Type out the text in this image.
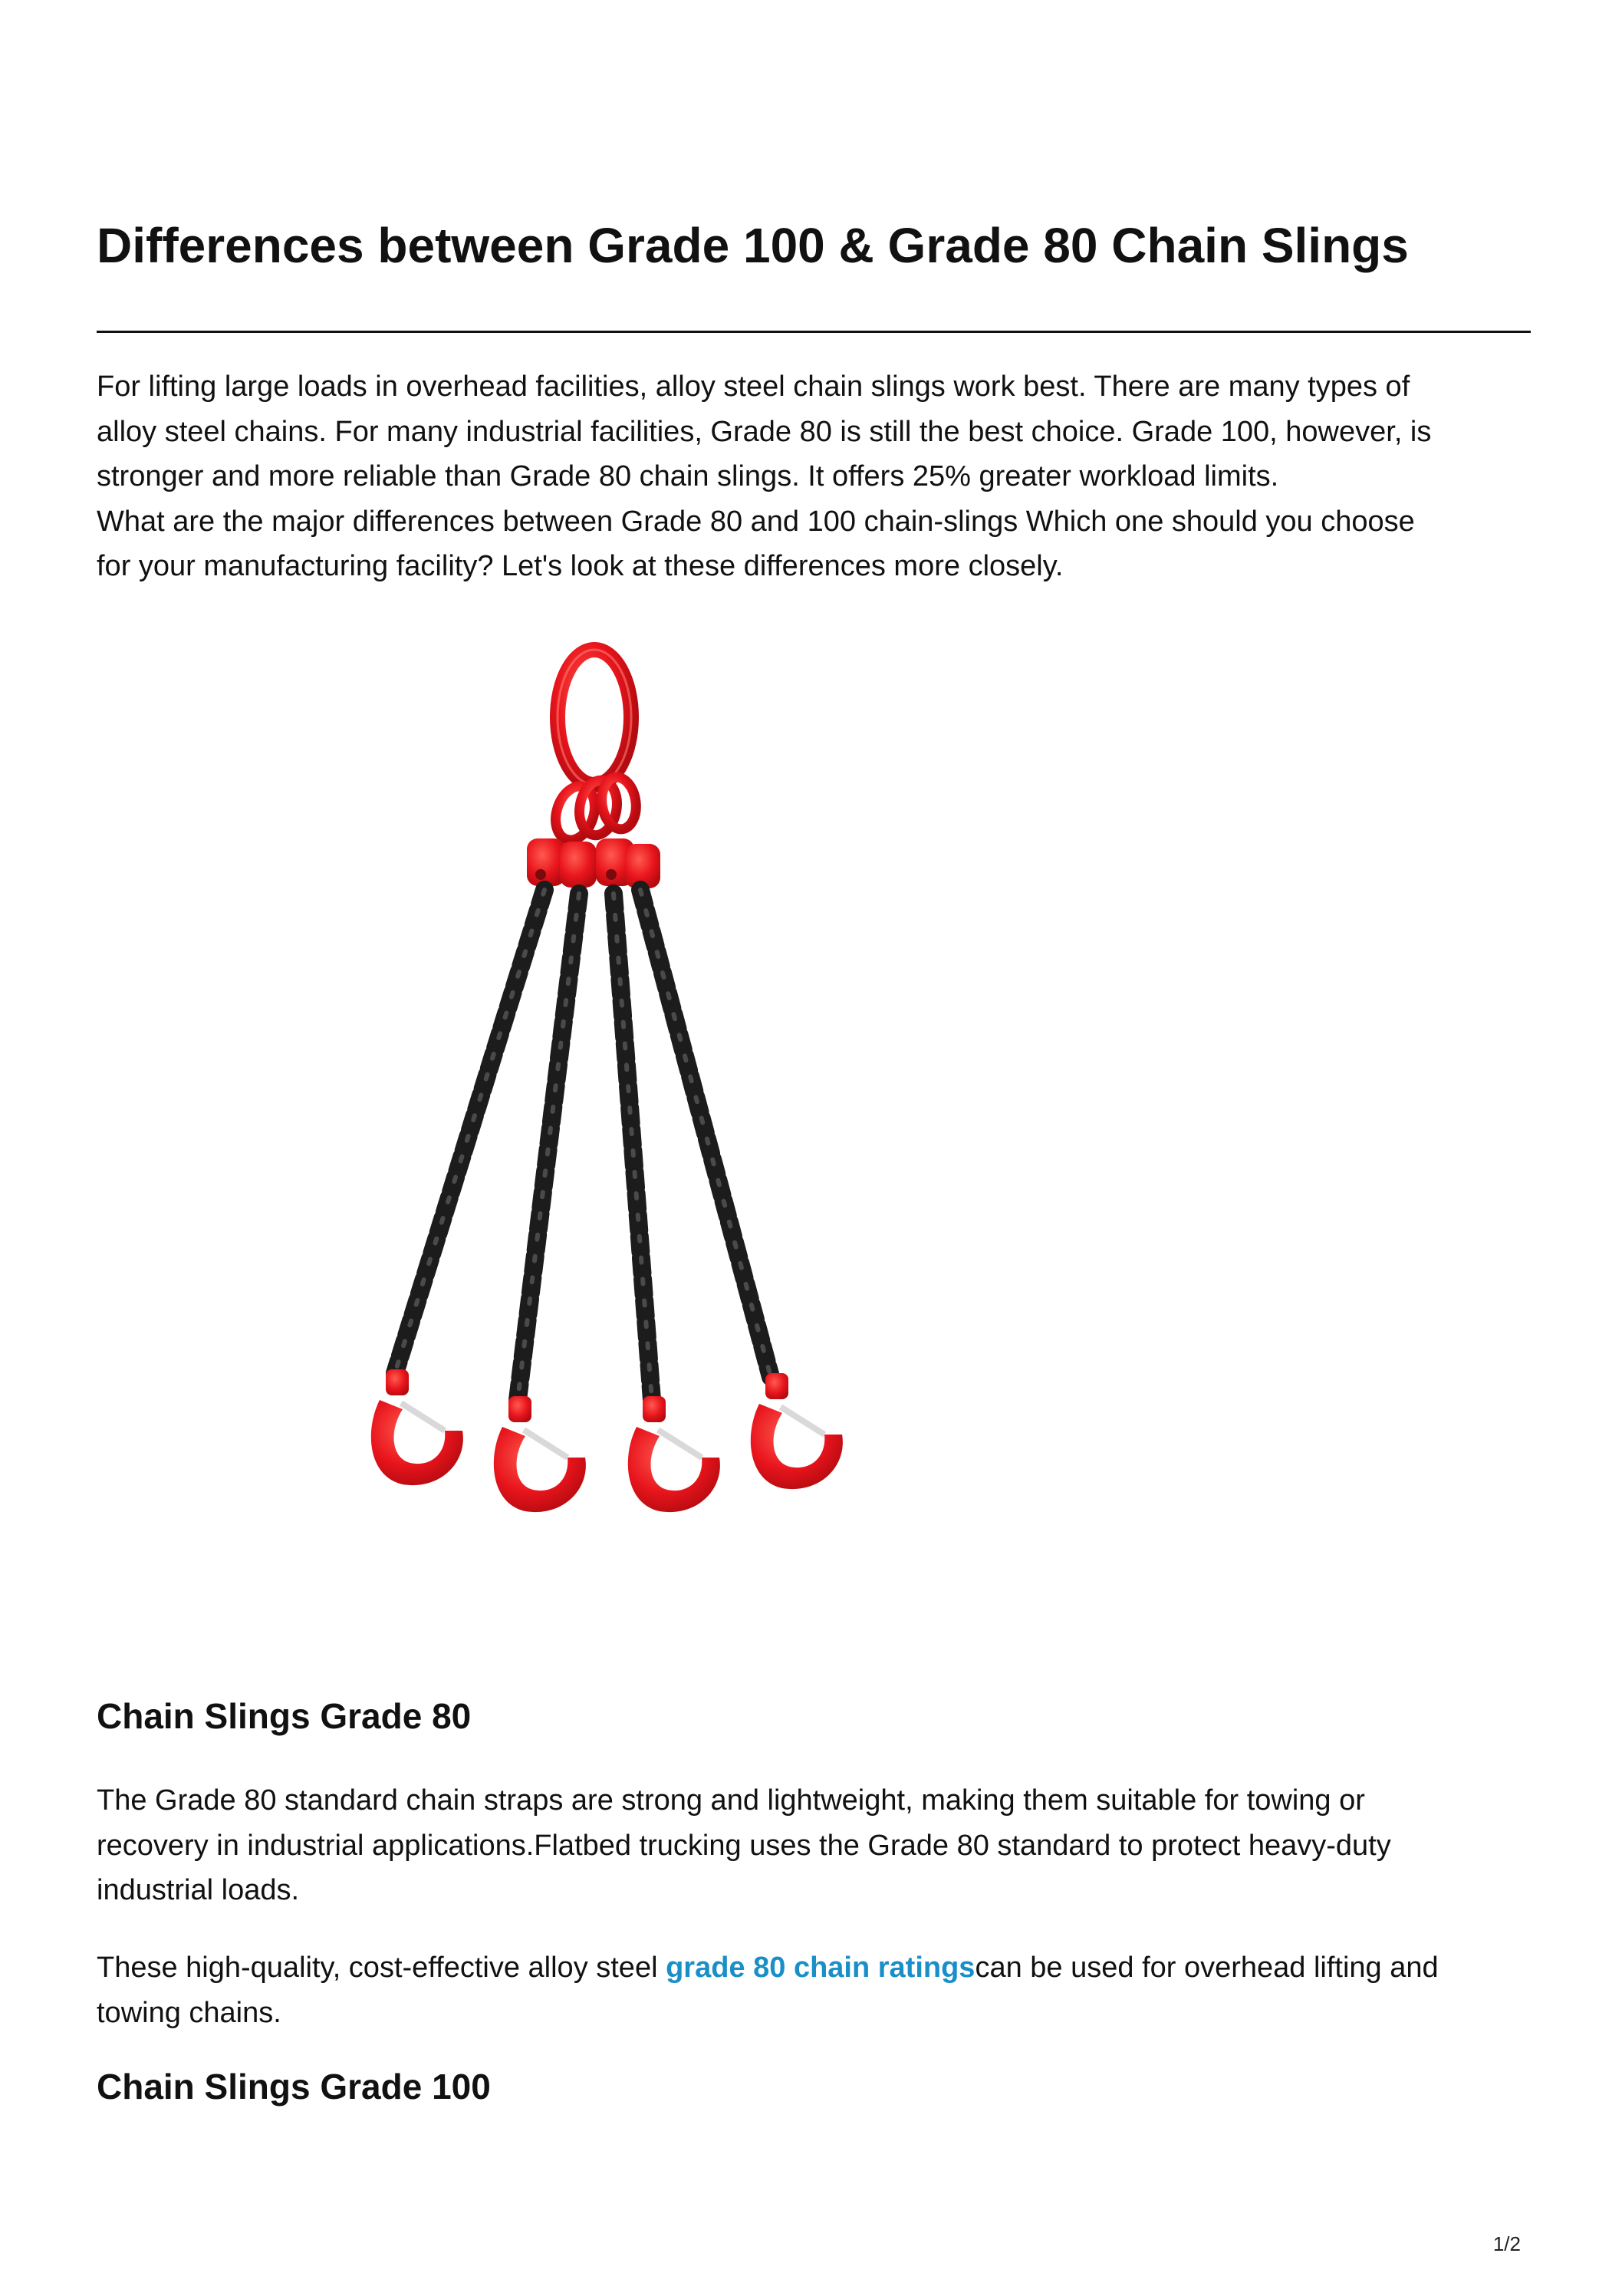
Differences between Grade 100 & Grade 80 Chain Slings

For lifting large loads in overhead facilities, alloy steel chain slings work best. There are many types of
alloy steel chains. For many industrial facilities, Grade 80 is still the best choice. Grade 100, however, is
stronger and more reliable than Grade 80 chain slings. It offers 25% greater workload limits.
What are the major differences between Grade 80 and 100 chain-slings Which one should you choose
for your manufacturing facility? Let's look at these differences more closely.

Chain Slings Grade 80

The Grade 80 standard chain straps are strong and lightweight, making them suitable for towing or
recovery in industrial applications.Flatbed trucking uses the Grade 80 standard to protect heavy-duty
industrial loads.

These high-quality, cost-effective alloy steel grade 80 chain ratingscan be used for overhead lifting and
towing chains.

Chain Slings Grade 100
1/2
